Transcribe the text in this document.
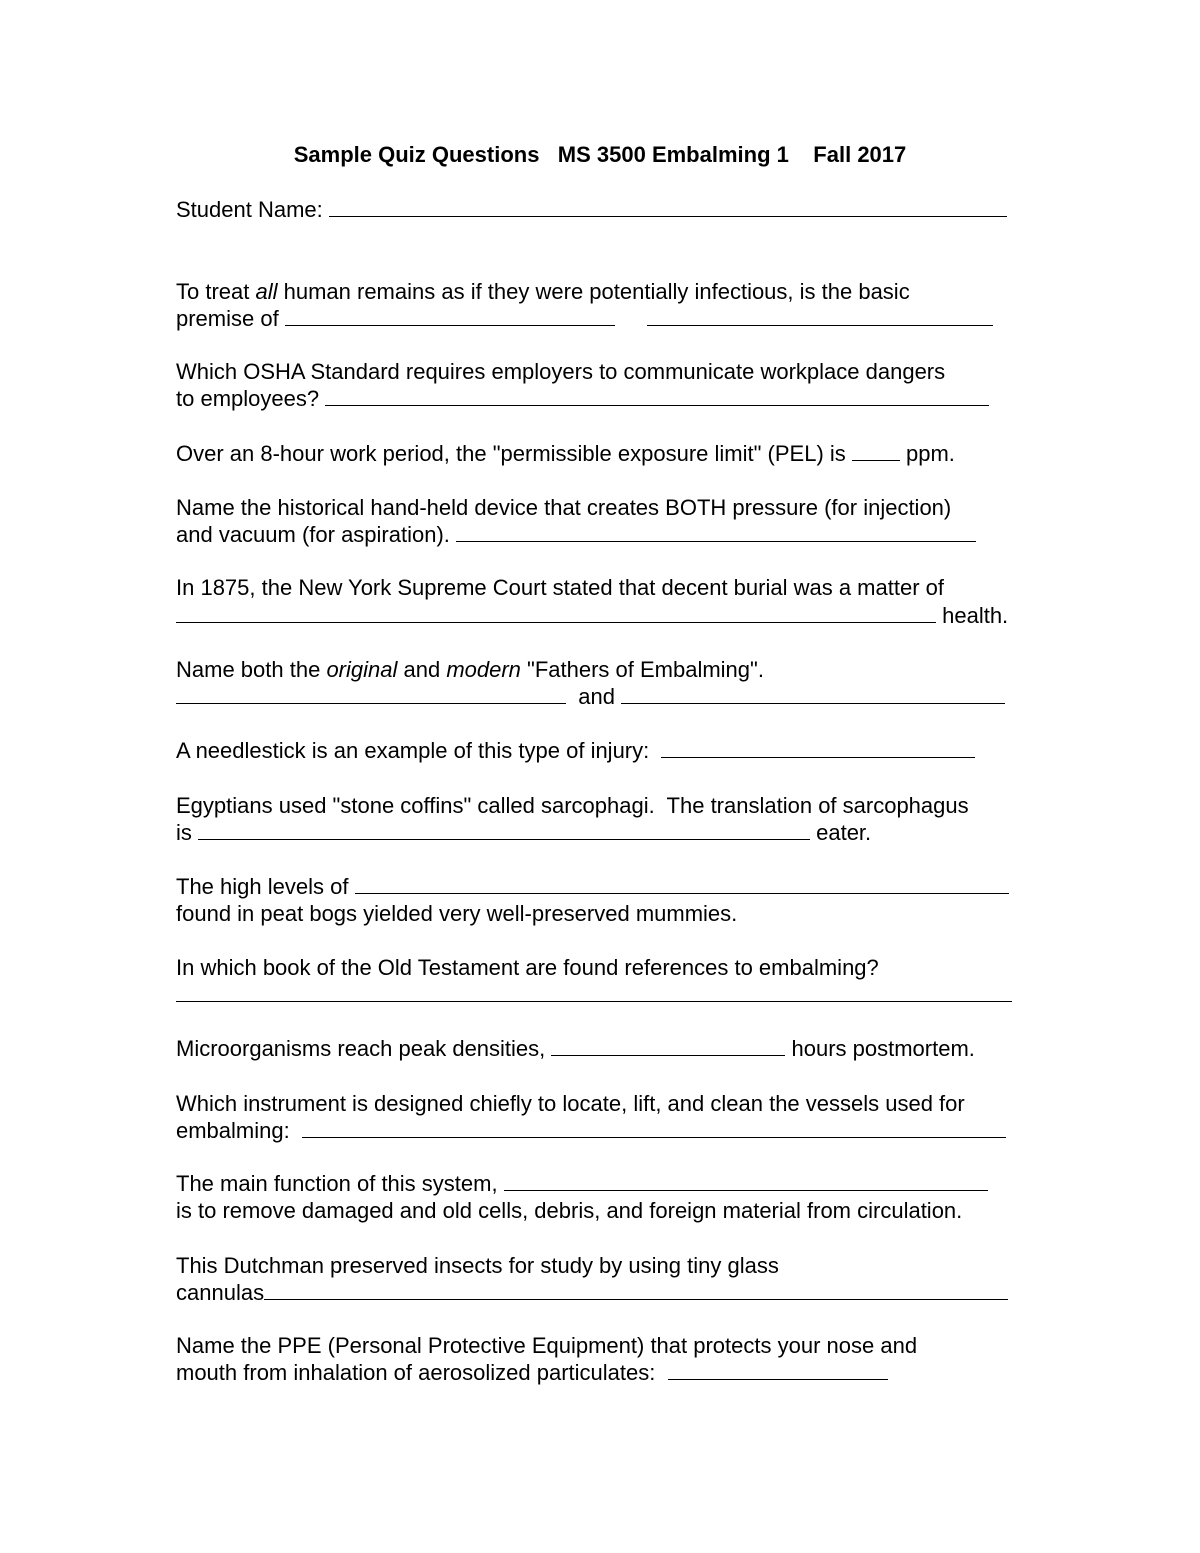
Sample Quiz Questions   MS 3500 Embalming 1    Fall 2017

Student Name:

To treat all human remains as if they were potentially infectious, is the basic

premise of

Which OSHA Standard requires employers to communicate workplace dangers

to employees?

Over an 8-hour work period, the "permissible exposure limit" (PEL) is  ppm.

Name the historical hand-held device that creates BOTH pressure (for injection)

and vacuum (for aspiration).

In 1875, the New York Supreme Court stated that decent burial was a matter of

health.

Name both the original and modern "Fathers of Embalming".

and

A needlestick is an example of this type of injury:

Egyptians used "stone coffins" called sarcophagi.  The translation of sarcophagus

is	eater.

The high levels of

found in peat bogs yielded very well-preserved mummies.

In which book of the Old Testament are found references to embalming?

Microorganisms reach peak densities,	hours postmortem.

Which instrument is designed chiefly to locate, lift, and clean the vessels used for

embalming:

The main function of this system,

is to remove damaged and old cells, debris, and foreign material from circulation.

This Dutchman preserved insects for study by using tiny glass

cannulas

Name the PPE (Personal Protective Equipment) that protects your nose and

mouth from inhalation of aerosolized particulates:
